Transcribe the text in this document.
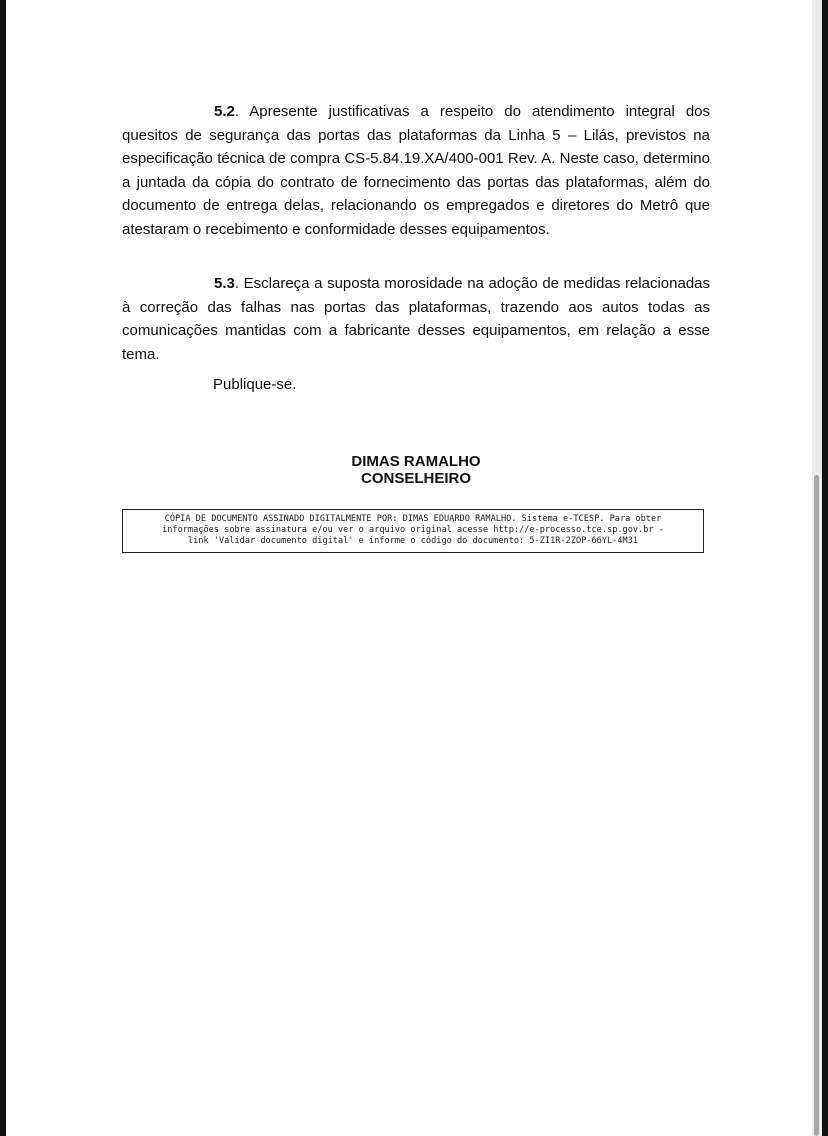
5.2. Apresente justificativas a respeito do atendimento integral dos quesitos de segurança das portas das plataformas da Linha 5 – Lilás, previstos na especificação técnica de compra CS-5.84.19.XA/400-001 Rev. A. Neste caso, determino a juntada da cópia do contrato de fornecimento das portas das plataformas, além do documento de entrega delas, relacionando os empregados e diretores do Metrô que atestaram o recebimento e conformidade desses equipamentos.

5.3. Esclareça a suposta morosidade na adoção de medidas relacionadas à correção das falhas nas portas das plataformas, trazendo aos autos todas as comunicações mantidas com a fabricante desses equipamentos, em relação a esse tema.

Publique-se.

DIMAS RAMALHO
CONSELHEIRO
CÓPIA DE DOCUMENTO ASSINADO DIGITALMENTE POR: DIMAS EDUARDO RAMALHO. Sistema e-TCESP. Para obter
informações sobre assinatura e/ou ver o arquivo original acesse http://e-processo.tce.sp.gov.br -
link 'Validar documento digital' e informe o código do documento: 5-ZI1R-2ZOP-66YL-4M31
